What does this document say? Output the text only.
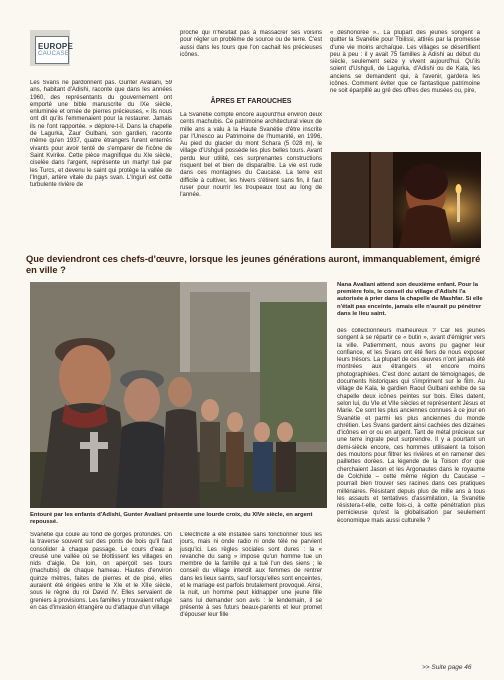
EUROPE
CAUCASE

Les Svans ne pardonnent pas. Gunter Avaliani, 59 ans, habitant d'Adishi, raconte que dans les années 1960, des représentants du gouvernement ont emporté une bible manuscrite du IXe siècle, enluminée et ornée de pierres précieuses, « Ils nous ont dit qu'ils l'emmenaient pour la restaurer. Jamais ils ne l'ont rapportée. » déplore-t-il. Dans la chapelle de Lagurka, Zaur Gulbani, son gardien, raconte même qu'en 1937, quatre étrangers furent enterrés vivants pour avoir tenté de s'emparer de l'icône de Saint Kvirike. Cette pièce magnifique du XIe siècle, ciselée dans l'argent, représente un martyr tué par les Turcs, et devenu le saint qui protège la vallée de l'Inguri, artère vitale du pays svan. L'Inguri est cette turbulente rivière de

proche qui n'hésitait pas à massacrer ses voisins pour régler un problème de source ou de terre. C'est aussi dans les tours que l'on cachait les précieuses icônes.

ÂPRES ET FAROUCHES

La Svanétie compte encore aujourd'hui environ deux cents machubis. Ce patrimoine architectural vieux de mille ans a valu à la Haute Svanétie d'être inscrite par l'Unesco au Patrimoine de l'humanité, en 1996. Au pied du glacier du mont Schara (5 028 m), le village d'Ushguli possède les plus belles tours. Avant perdu leur utilité, ces surprenantes constructions risquent bel et bien de disparaître. La vie est rude dans ces montagnes du Caucase. La terre est difficile à cultiver, les hivers s'étirent sans fin, il faut ruser pour nourrir les troupeaux tout au long de l'année.

« déshonorée ».. La plupart des jeunes songent à quitter la Svanétie pour Tbilissi, attirés par la promesse d'une vie moins archaïque. Les villages se désertifient peu à peu : il y avait 75 familles à Adishi au début du siècle, seulement seize y vivent aujourd'hui. Qu'ils soient d'Ushguli, de Lagurka, d'Adishi ou de Kala, les anciens se demandent qui, à l'avenir, gardera les icônes. Comment éviter que ce fantastique patrimoine ne soit éparpillé au gré des offres des musées ou, pire,

Que deviendront ces chefs-d'œuvre, lorsque les jeunes générations auront, immanquablement, émigré en ville ?
Nana Avaliani attend son deuxième enfant. Pour la première fois, le conseil du village d'Adishi l'a autorisée à prier dans la chapelle de Mashfar. Si elle n'était pas enceinte, jamais elle n'aurait pu pénétrer dans le lieu saint.

des collectionneurs malheureux ? Car les jeunes songent à se répartir ce « butin », avant d'émigrer vers la ville. Patiemment, nous avons pu gagner leur confiance, et les Svans ont été fiers de nous exposer leurs trésors. La plupart de ces œuvres n'ont jamais été montrées aux étrangers et encore moins photographiées. C'est donc autant de témoignages, de documents historiques qui s'impriment sur le film. Au village de Kala, le gardien Raoul Gulbani exhibe de sa chapelle deux icônes peintes sur bois. Elles datent, selon lui, du VIe et VIIe siècles et représentent Jésus et Marie. Ce sont les plus anciennes connues à ce jour en Svanétie et parmi les plus anciennes du monde chrétien. Les Svans gardent ainsi cachées des dizaines d'icônes en or ou en argent. Tant de métal précieux sur une terre ingrate peut surprendre. Il y a pourtant un demi-siècle encore, ces hommes utilisaient la toison des moutons pour filtrer les rivières et en ramener des paillettes dorées. La légende de la Toison d'or que cherchaient Jason et les Argonautes dans le royaume de Colchide – cette même région du Caucase – pourrait bien trouver ses racines dans ces pratiques millénaires. Résistant depuis plus de mille ans à tous les assauts et tentatives d'assimilation, la Svanétie résistera-t-elle, cette fois-ci, à cette pénétration plus pernicieuse qu'est la globalisation par seulement économique mais aussi culturelle ?

Entouré par les enfants d'Adishi, Gunter Avaliani présente une lourde croix, du XIVe siècle, en argent repoussé.

Svanétie qui coule au fond de gorges profondes. On la traverse souvent sur des ponts de bois qu'il faut consolider à chaque passage. Le cours d'eau a creusé une vallée où se blottissent les villages en nids d'aigle. De loin, on aperçoit ses tours (machubis) de chaque hameau. Hautes d'environ quinze mètres, faites de pierres et de pisé, elles auraient été érigées entre le XIe et le XIIe siècle, sous le règne du roi David IV. Elles servaient de greniers à provisions. Les familles y trouvaient refuge en cas d'invasion étrangère ou d'attaque d'un village

L'électricité a été installée sans fonctionner tous les jours, mais ni onde radio ni onde télé ne parvient jusqu'ici. Les règles sociales sont dures : la « revanche du sang » impose qu'un homme tue un membre de la famille qui a tué l'un des siens ; le conseil du village interdit aux femmes de rentrer dans les lieux saints, sauf lorsqu'elles sont enceintes, et le mariage est parfois brutalement provoqué. Ainsi, la nuit, un homme peut kidnapper une jeune fille sans lui demander son avis : le lendemain, il se présente à ses futurs beaux-parents et leur promet d'épouser leur fille

>> Suite page 46
